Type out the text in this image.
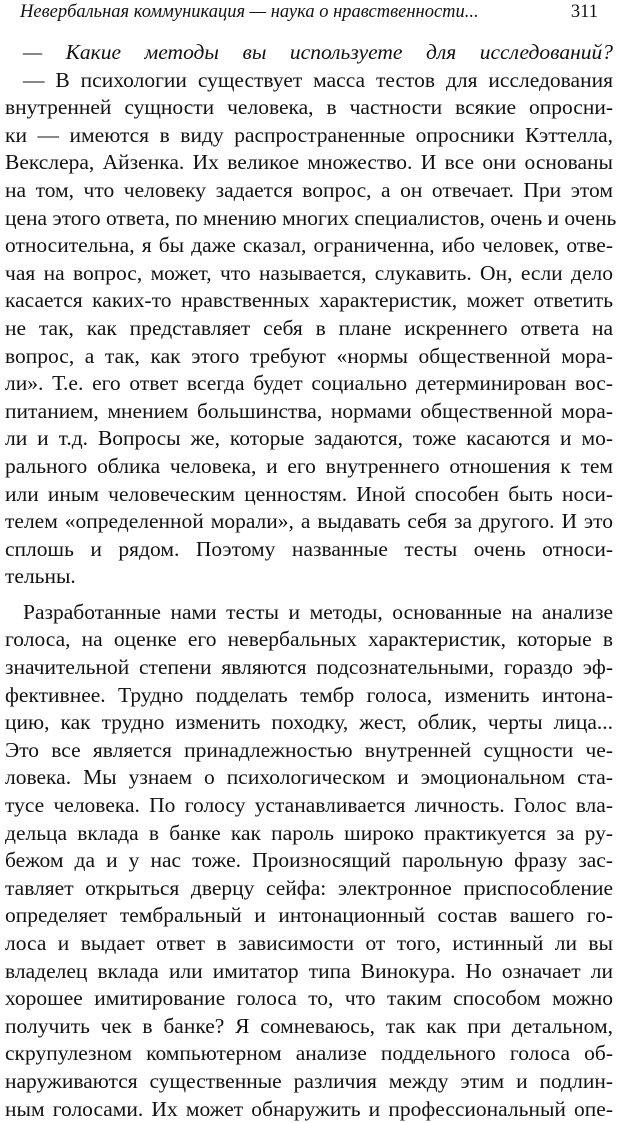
Невербальная коммуникация — наука о нравственности...	311
— Какие методы вы используете для исследований?
— В психологии существует масса тестов для исследования
внутренней сущности человека, в частности всякие опросни-
ки — имеются в виду распространенные опросники Кэттелла,
Векслера, Айзенка. Их великое множество. И все они основаны
на том, что человеку задается вопрос, а он отвечает. При этом
цена этого ответа, по мнению многих специалистов, очень и очень
относительна, я бы даже сказал, ограниченна, ибо человек, отве-
чая на вопрос, может, что называется, слукавить. Он, если дело
касается каких-то нравственных характеристик, может ответить
не так, как представляет себя в плане искреннего ответа на
вопрос, а так, как этого требуют «нормы общественной мора-
ли». Т.е. его ответ всегда будет социально детерминирован вос-
питанием, мнением большинства, нормами общественной мора-
ли и т.д. Вопросы же, которые задаются, тоже касаются и мо-
рального облика человека, и его внутреннего отношения к тем
или иным человеческим ценностям. Иной способен быть носи-
телем «определенной морали», а выдавать себя за другого. И это
сплошь и рядом. Поэтому названные тесты очень относи-
тельны.
Разработанные нами тесты и методы, основанные на анализе
голоса, на оценке его невербальных характеристик, которые в
значительной степени являются подсознательными, гораздо эф-
фективнее. Трудно подделать тембр голоса, изменить интона-
цию, как трудно изменить походку, жест, облик, черты лица...
Это все является принадлежностью внутренней сущности че-
ловека. Мы узнаем о психологическом и эмоциональном ста-
тусе человека. По голосу устанавливается личность. Голос вла-
дельца вклада в банке как пароль широко практикуется за ру-
бежом да и у нас тоже. Произносящий парольную фразу зас-
тавляет открыться дверцу сейфа: электронное приспособление
определяет тембральный и интонационный состав вашего го-
лоса и выдает ответ в зависимости от того, истинный ли вы
владелец вклада или имитатор типа Винокура. Но означает ли
хорошее имитирование голоса то, что таким способом можно
получить чек в банке? Я сомневаюсь, так как при детальном,
скрупулезном компьютерном анализе поддельного голоса об-
наруживаются существенные различия между этим и подлин-
ным голосами. Их может обнаружить и профессиональный опе-
